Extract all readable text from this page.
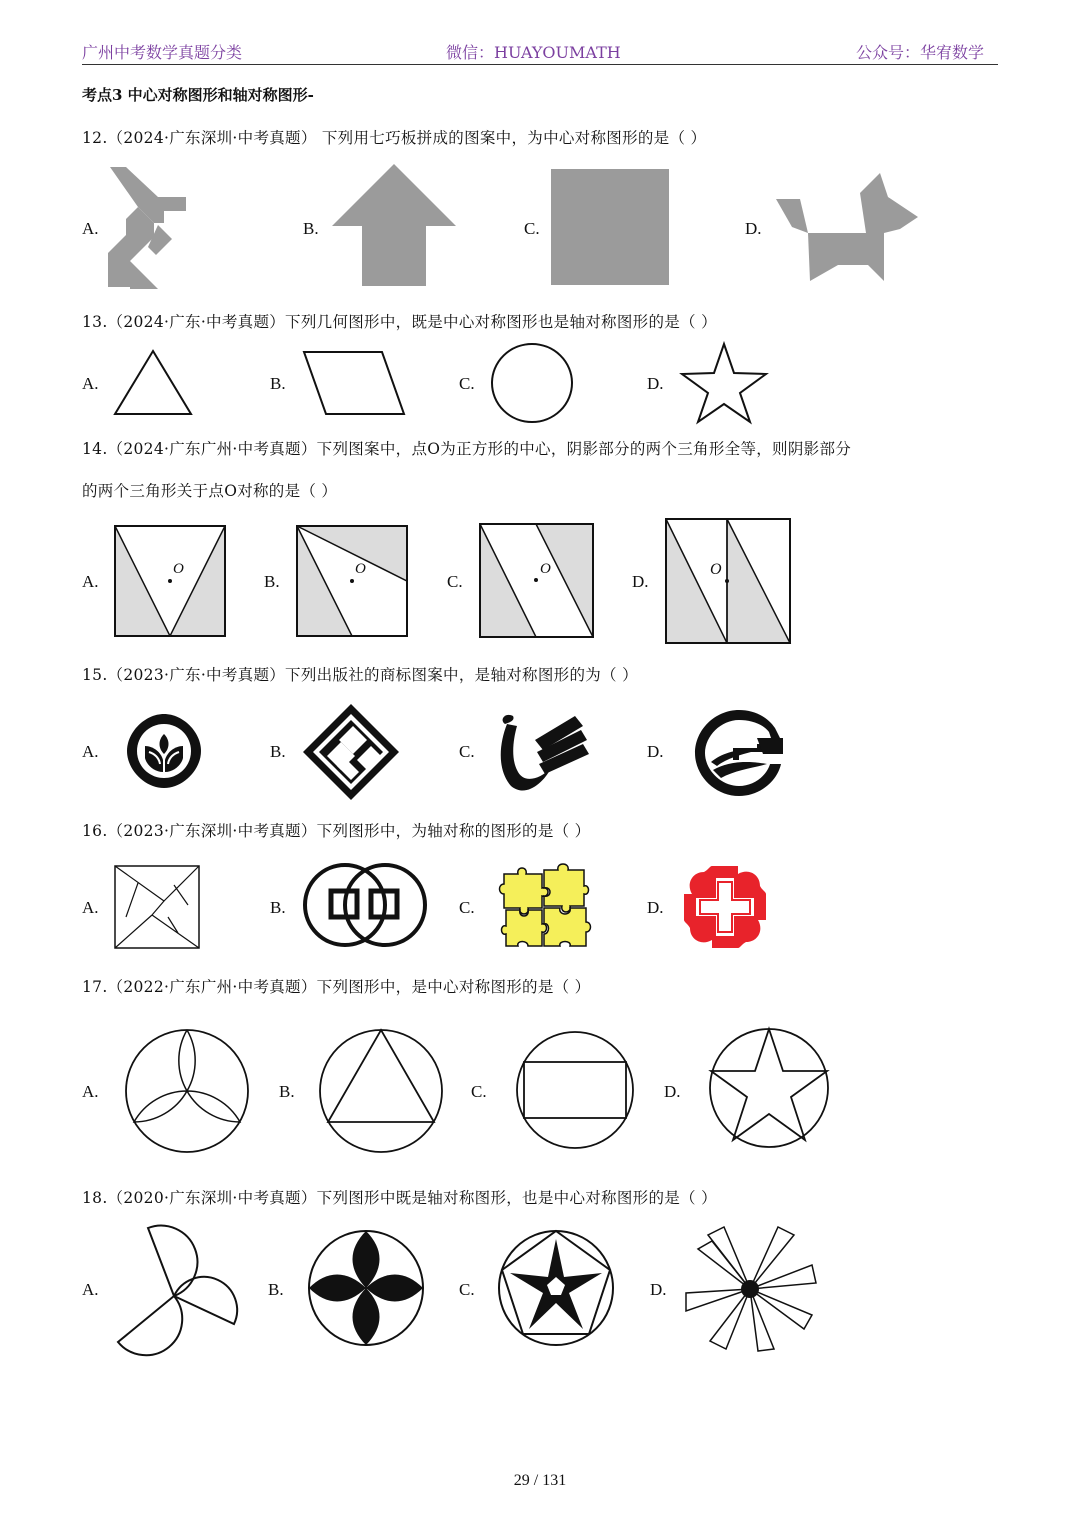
广州中考数学真题分类	微信：HUAYOUMATH	公众号：华宥数学
考点3 中心对称图形和轴对称图形-
12.（2024·广东深圳·中考真题） 下列用七巧板拼成的图案中，为中心对称图形的是（ ）
A.	B.	C.	D.
13.（2024·广东·中考真题）下列几何图形中，既是中心对称图形也是轴对称图形的是（ ）
A.	B.	C.	D.
14.（2024·广东广州·中考真题）下列图案中，点O为正方形的中心，阴影部分的两个三角形全等，则阴影部分
的两个三角形关于点O对称的是（ ）
A.	B.	C.	D.
O	O	O	O
15.（2023·广东·中考真题）下列出版社的商标图案中，是轴对称图形的为（ ）
A.	B.	C.	D.
16.（2023·广东深圳·中考真题）下列图形中，为轴对称的图形的是（ ）
A.	B.	C.	D.
17.（2022·广东广州·中考真题）下列图形中，是中心对称图形的是（ ）
A.	B.	C.	D.
18.（2020·广东深圳·中考真题）下列图形中既是轴对称图形，也是中心对称图形的是（ ）
A.	B.	C.	D.
29 / 131
